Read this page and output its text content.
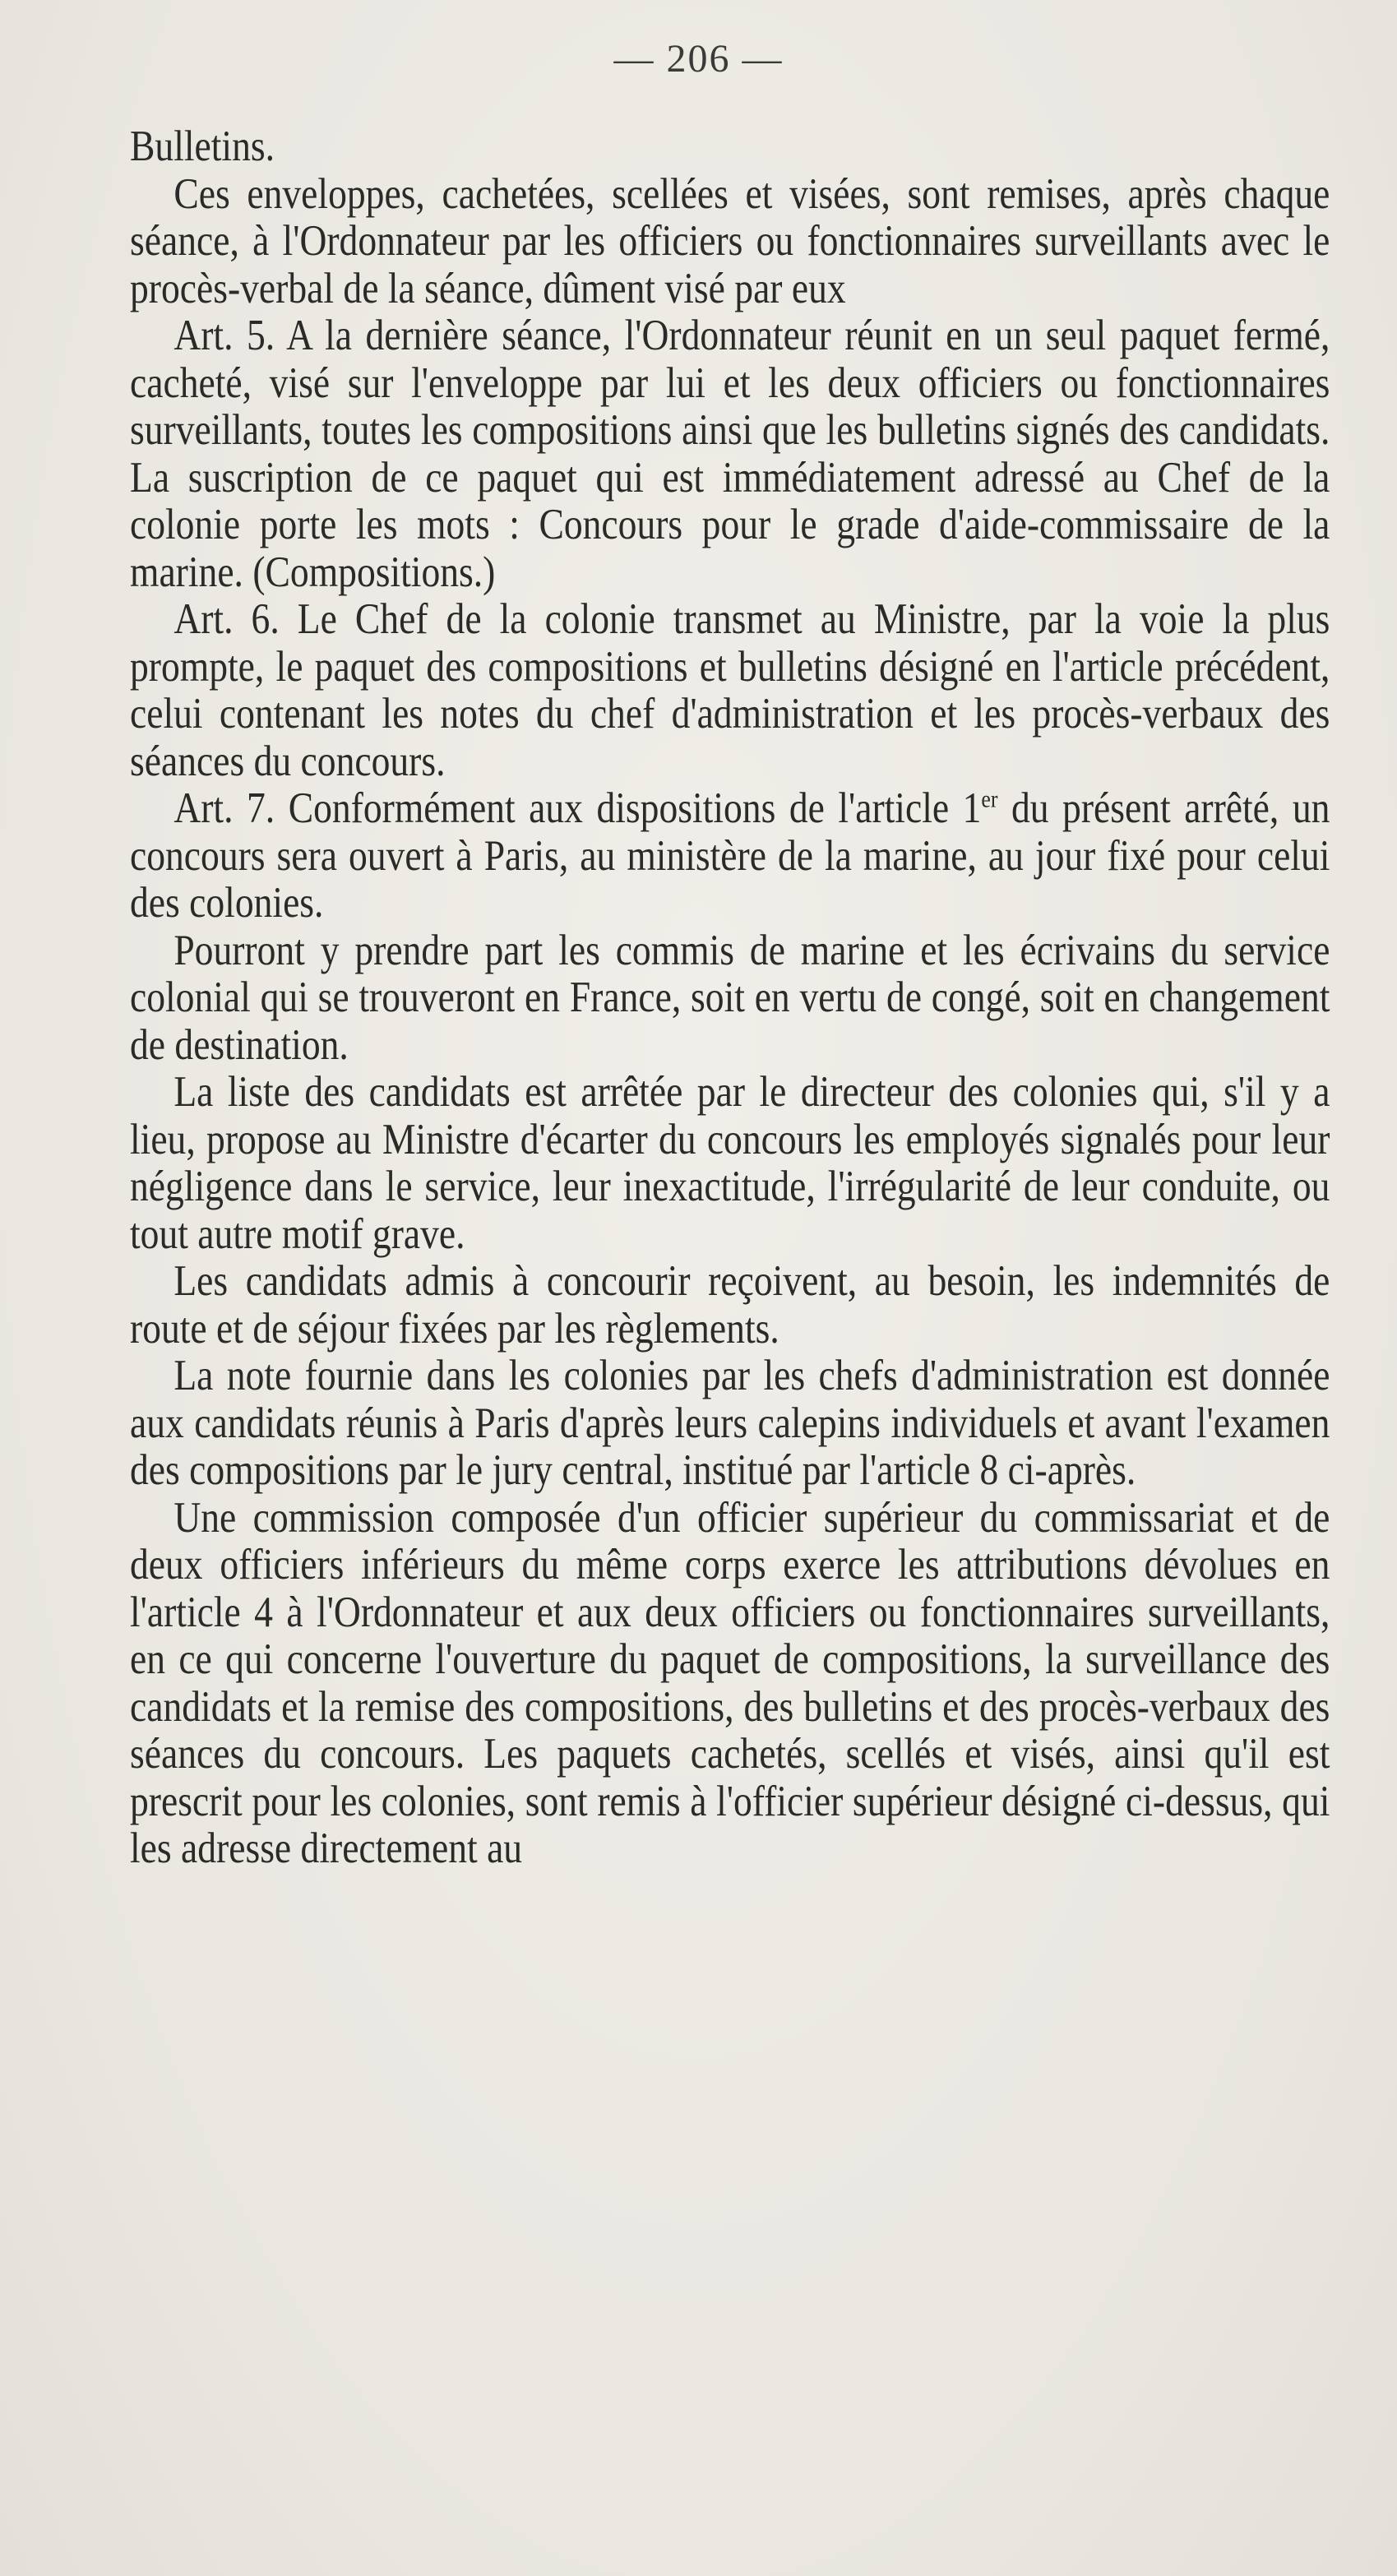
— 206 —

Bulletins.

Ces enveloppes, cachetées, scellées et visées, sont remises, après chaque séance, à l'Ordonnateur par les officiers ou fonctionnaires surveillants avec le procès-verbal de la séance, dûment visé par eux

Art. 5. A la dernière séance, l'Ordonnateur réunit en un seul paquet fermé, cacheté, visé sur l'enveloppe par lui et les deux officiers ou fonctionnaires surveillants, toutes les compositions ainsi que les bulletins signés des candidats. La suscription de ce paquet qui est immédiatement adressé au Chef de la colonie porte les mots : Concours pour le grade d'aide-commissaire de la marine. (Compositions.)

Art. 6. Le Chef de la colonie transmet au Ministre, par la voie la plus prompte, le paquet des compositions et bulletins désigné en l'article précédent, celui contenant les notes du chef d'administration et les procès-verbaux des séances du concours.

Art. 7. Conformément aux dispositions de l'article 1er du présent arrêté, un concours sera ouvert à Paris, au ministère de la marine, au jour fixé pour celui des colonies.

Pourront y prendre part les commis de marine et les écrivains du service colonial qui se trouveront en France, soit en vertu de congé, soit en changement de destination.

La liste des candidats est arrêtée par le directeur des colonies qui, s'il y a lieu, propose au Ministre d'écarter du concours les employés signalés pour leur négligence dans le service, leur inexactitude, l'irrégularité de leur conduite, ou tout autre motif grave.

Les candidats admis à concourir reçoivent, au besoin, les indemnités de route et de séjour fixées par les règlements.

La note fournie dans les colonies par les chefs d'administration est donnée aux candidats réunis à Paris d'après leurs calepins individuels et avant l'examen des compositions par le jury central, institué par l'article 8 ci-après.

Une commission composée d'un officier supérieur du commissariat et de deux officiers inférieurs du même corps exerce les attributions dévolues en l'article 4 à l'Ordonnateur et aux deux officiers ou fonctionnaires surveillants, en ce qui concerne l'ouverture du paquet de compositions, la surveillance des candidats et la remise des compositions, des bulletins et des procès-verbaux des séances du concours. Les paquets cachetés, scellés et visés, ainsi qu'il est prescrit pour les colonies, sont remis à l'officier supérieur désigné ci-dessus, qui les adresse directement au
